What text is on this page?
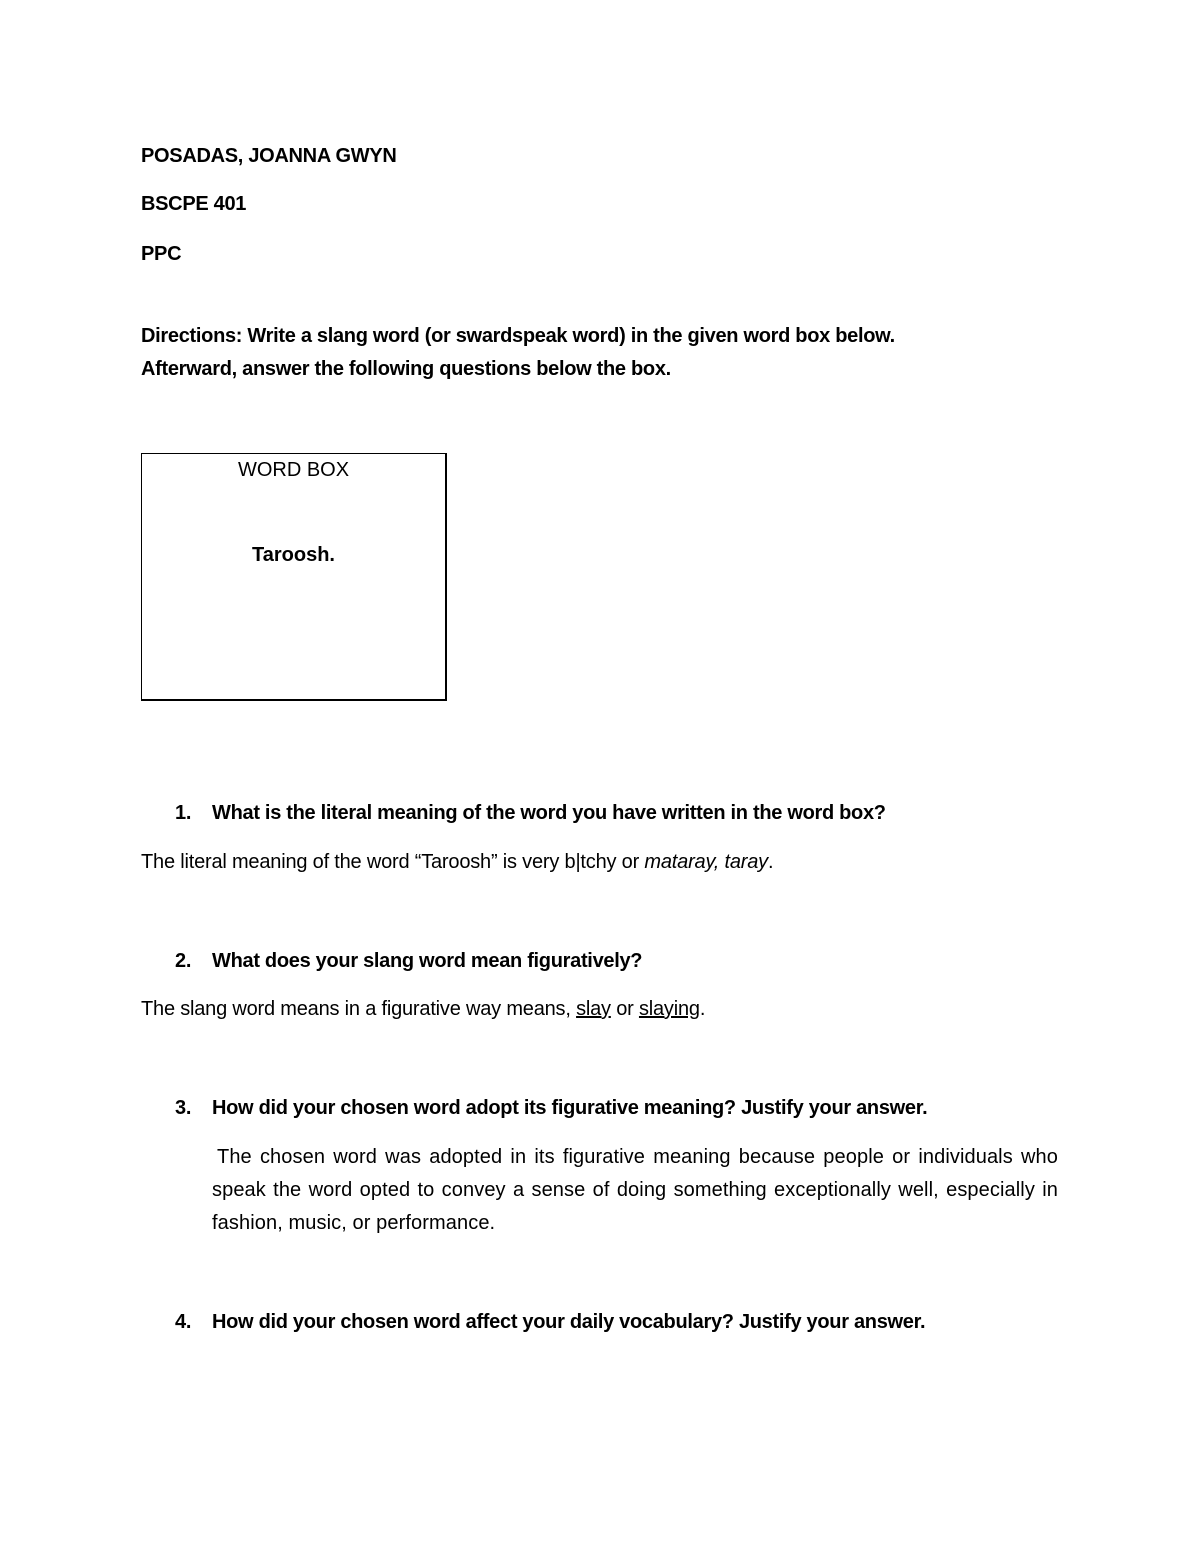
POSADAS, JOANNA GWYN
BSCPE 401
PPC
Directions: Write a slang word (or swardspeak word) in the given word box below.
Afterward, answer the following questions below the box.
WORD BOX
Taroosh.
1. What is the literal meaning of the word you have written in the word box?
The literal meaning of the word “Taroosh” is very b|tchy or mataray, taray.
2. What does your slang word mean figuratively?
The slang word means in a figurative way means, slay or slaying.
3. How did your chosen word adopt its figurative meaning? Justify your answer.
The chosen word was adopted in its figurative meaning because people or individuals who speak the word opted to convey a sense of doing something exceptionally well, especially in fashion, music, or performance.
4. How did your chosen word affect your daily vocabulary? Justify your answer.
